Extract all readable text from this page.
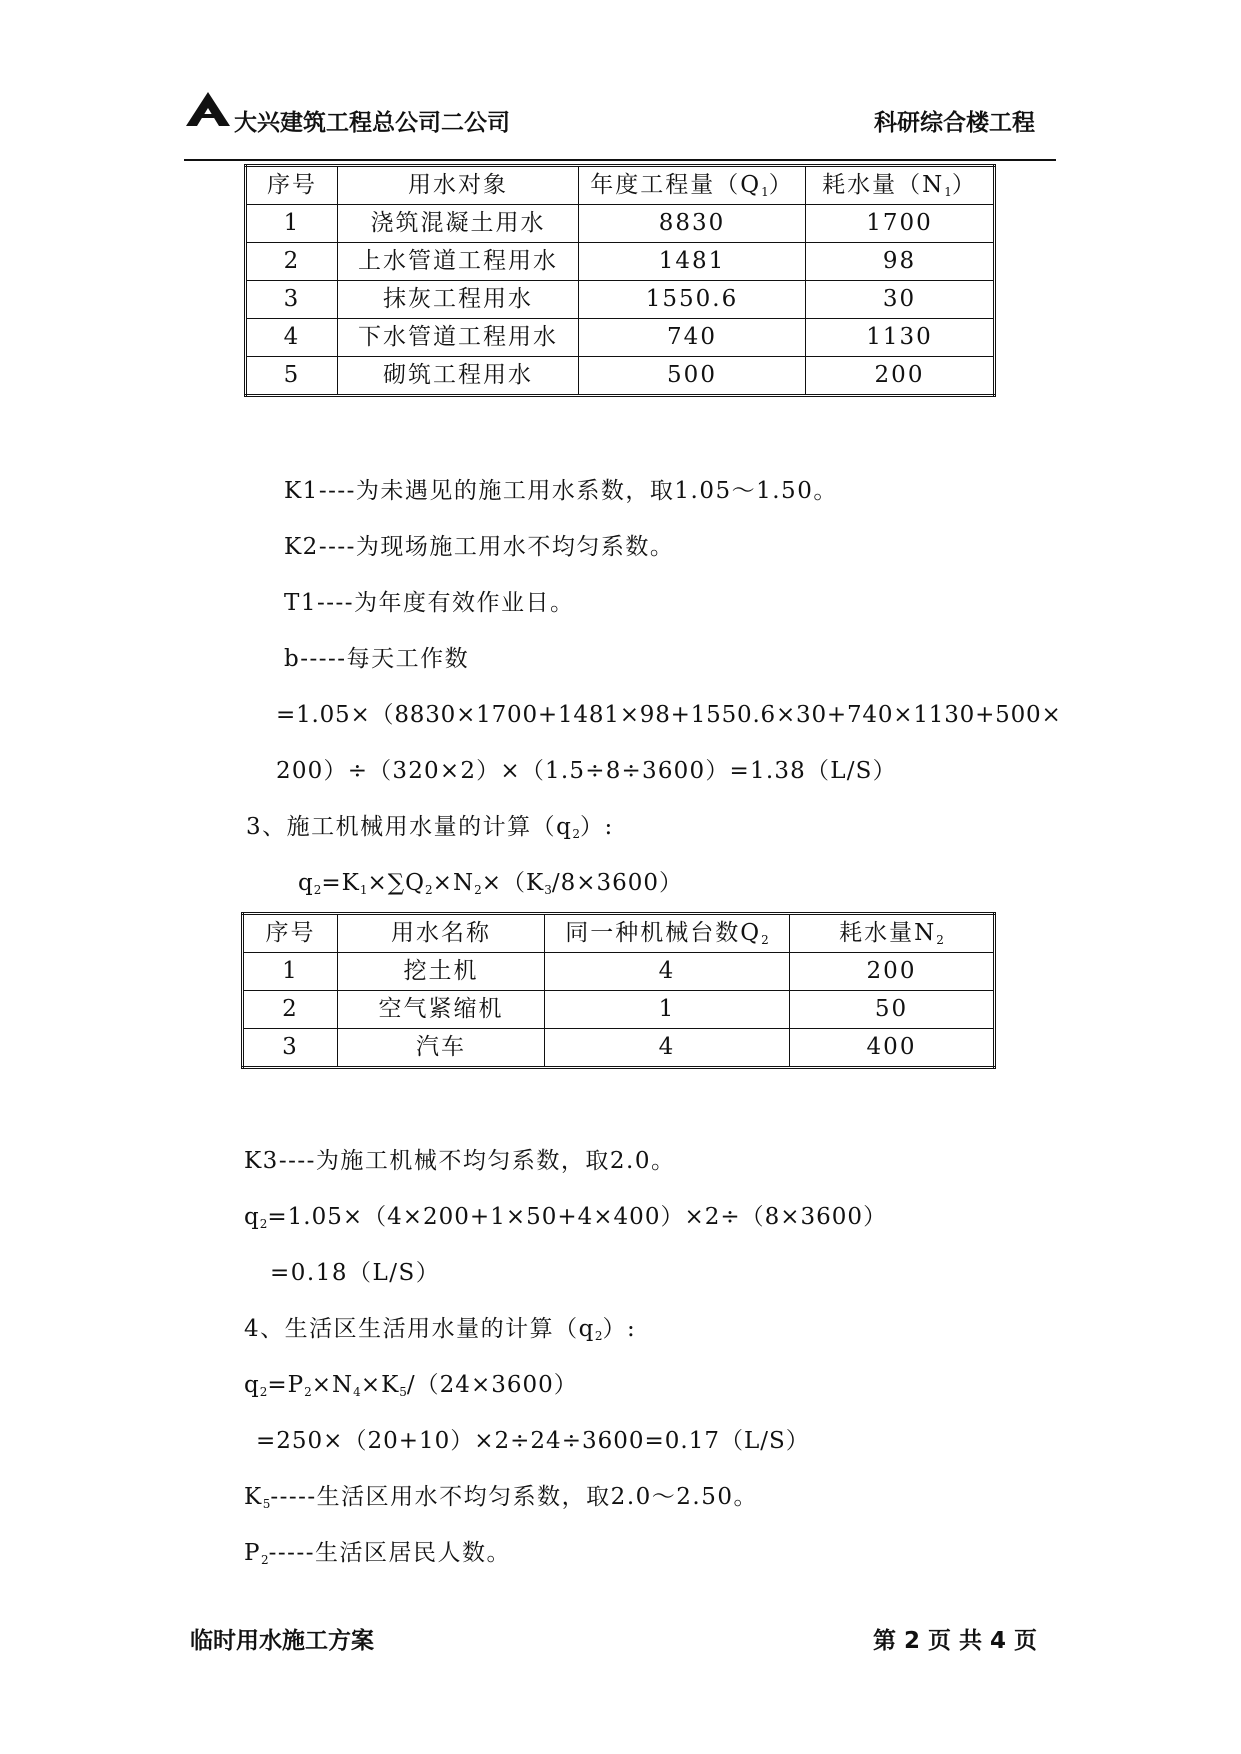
大兴建筑工程总公司二公司	科研综合楼工程
序号	用水对象	年度工程量$(Q_1)$	耗水量$(N_1)$
1	浇筑混凝土用水	8830	1700
2	上水管道工程用水	1481	98
3	抹灰工程用水	1550.6	30
4	下水管道工程用水	740	1130
5	砌筑工程用水	500	200
K1----为未遇见的施工用水系数，取1.05～1.50。
K2----为现场施工用水不均匀系数。
T1----为年度有效作业日。
b-----每天工作数
=1.05×（8830×1700+1481×98+1550.6×30+740×1130+500×
200）÷（320×2）×（1.5÷8÷3600）=1.38（L/S）
3、施工机械用水量的计算$(q_2)$:
$q_2=K_1\times\sum Q_2\times N_2\times(K_3/8\times 3600)$
序号	用水名称	同一种机械台数$Q_2$	耗水量$N_2$
1	挖土机	4	200
2	空气紧缩机	1	50
3	汽车	4	400
K3----为施工机械不均匀系数，取2.0。
$q_2=1.05\times(4\times 200+1\times 50+4\times 400)\times 2\div(8\times 3600)$
=0.18（L/S）
4、生活区生活用水量的计算$(q_2)$:
$q_2=P_2\times N_4\times K_5/(24\times 3600)$
=250×（20+10）×2÷24÷3600=0.17（L/S）
$K_5-----$生活区用水不均匀系数，取2.0～2.50。
$P_2-----$生活区居民人数。
临时用水施工方案	第 2 页 共 4 页
